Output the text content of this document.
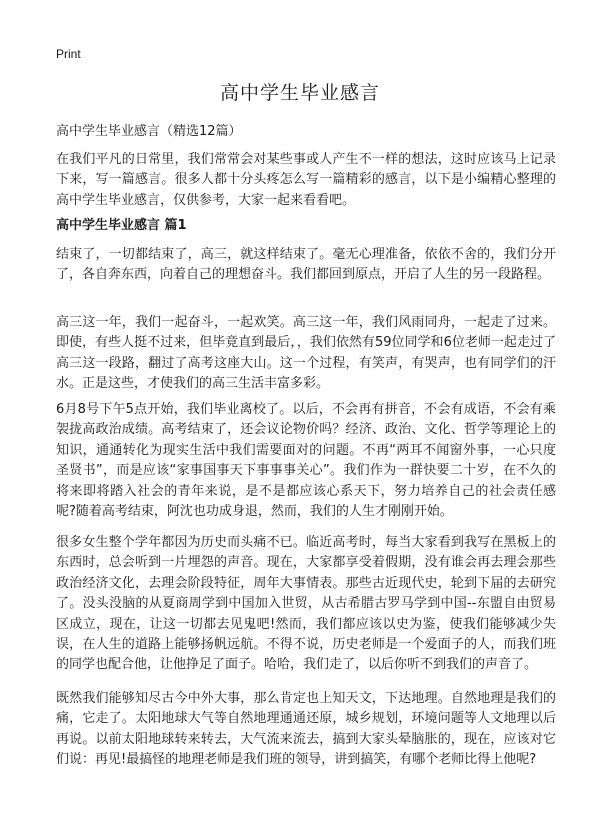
Print
高中学生毕业感言

高中学生毕业感言（精选12篇）

在我们平凡的日常里，我们常常会对某些事或人产生不一样的想法，这时应该马上记录下来，写一篇感言。很多人都十分头疼怎么写一篇精彩的感言，以下是小编精心整理的高中学生毕业感言，仅供参考，大家一起来看看吧。

高中学生毕业感言 篇1

结束了，一切都结束了，高三，就这样结束了。毫无心理准备，依依不舍的，我们分开了，各自奔东西，向着自己的理想奋斗。我们都回到原点，开启了人生的另一段路程。

高三这一年，我们一起奋斗，一起欢笑。高三这一年，我们风雨同舟，一起走了过来。即使，有些人挺不过来，但毕竟直到最后，，我们依然有59位同学和6位老师一起走过了高三这一段路，翻过了高考这座大山。这一个过程，有笑声，有哭声，也有同学们的汗水。正是这些，才使我们的高三生活丰富多彩。

6月8号下午5点开始，我们毕业离校了。以后，不会再有拼音，不会有成语，不会有乘袈拢高政治成绩。高考结束了，还会议论物价吗？经济、政治、文化、哲学等理论上的知识，通通转化为现实生活中我们需要面对的问题。不再“两耳不闻窗外事，一心只度圣贤书”，而是应该“家事国事天下事事事关心”。我们作为一群快要二十岁，在不久的将来即将踏入社会的青年来说，是不是都应该心系天下，努力培养自己的社会责任感呢?随着高考结束，阿沈也功成身退，然而，我们的人生才刚刚开始。

很多女生整个学年都因为历史而头痛不已。临近高考时，每当大家看到我写在黑板上的东西时，总会听到一片埋怨的声音。现在，大家都享受着假期，没有谁会再去理会那些政治经济文化，去理会阶段特征，周年大事情表。那些古近现代史，轮到下届的去研究了。没头没脑的从夏商周学到中国加入世贸，从古希腊古罗马学到中国--东盟自由贸易区成立，现在，让这一切都去见鬼吧!然而，我们都应该以史为鉴，使我们能够减少失误，在人生的道路上能够扬帆远航。不得不说，历史老师是一个爱面子的人，而我们班的同学也配合他，让他挣足了面子。哈哈，我们走了，以后你听不到我们的声音了。

既然我们能够知尽古今中外大事，那么肯定也上知天文，下达地理。自然地理是我们的痛，它走了。太阳地球大气等自然地理通通还原，城乡规划，环境问题等人文地理以后再说。以前太阳地球转来转去，大气流来流去，搞到大家头晕脑胀的，现在，应该对它们说：再见!最搞怪的地理老师是我们班的领导，讲到搞笑，有哪个老师比得上他呢?
